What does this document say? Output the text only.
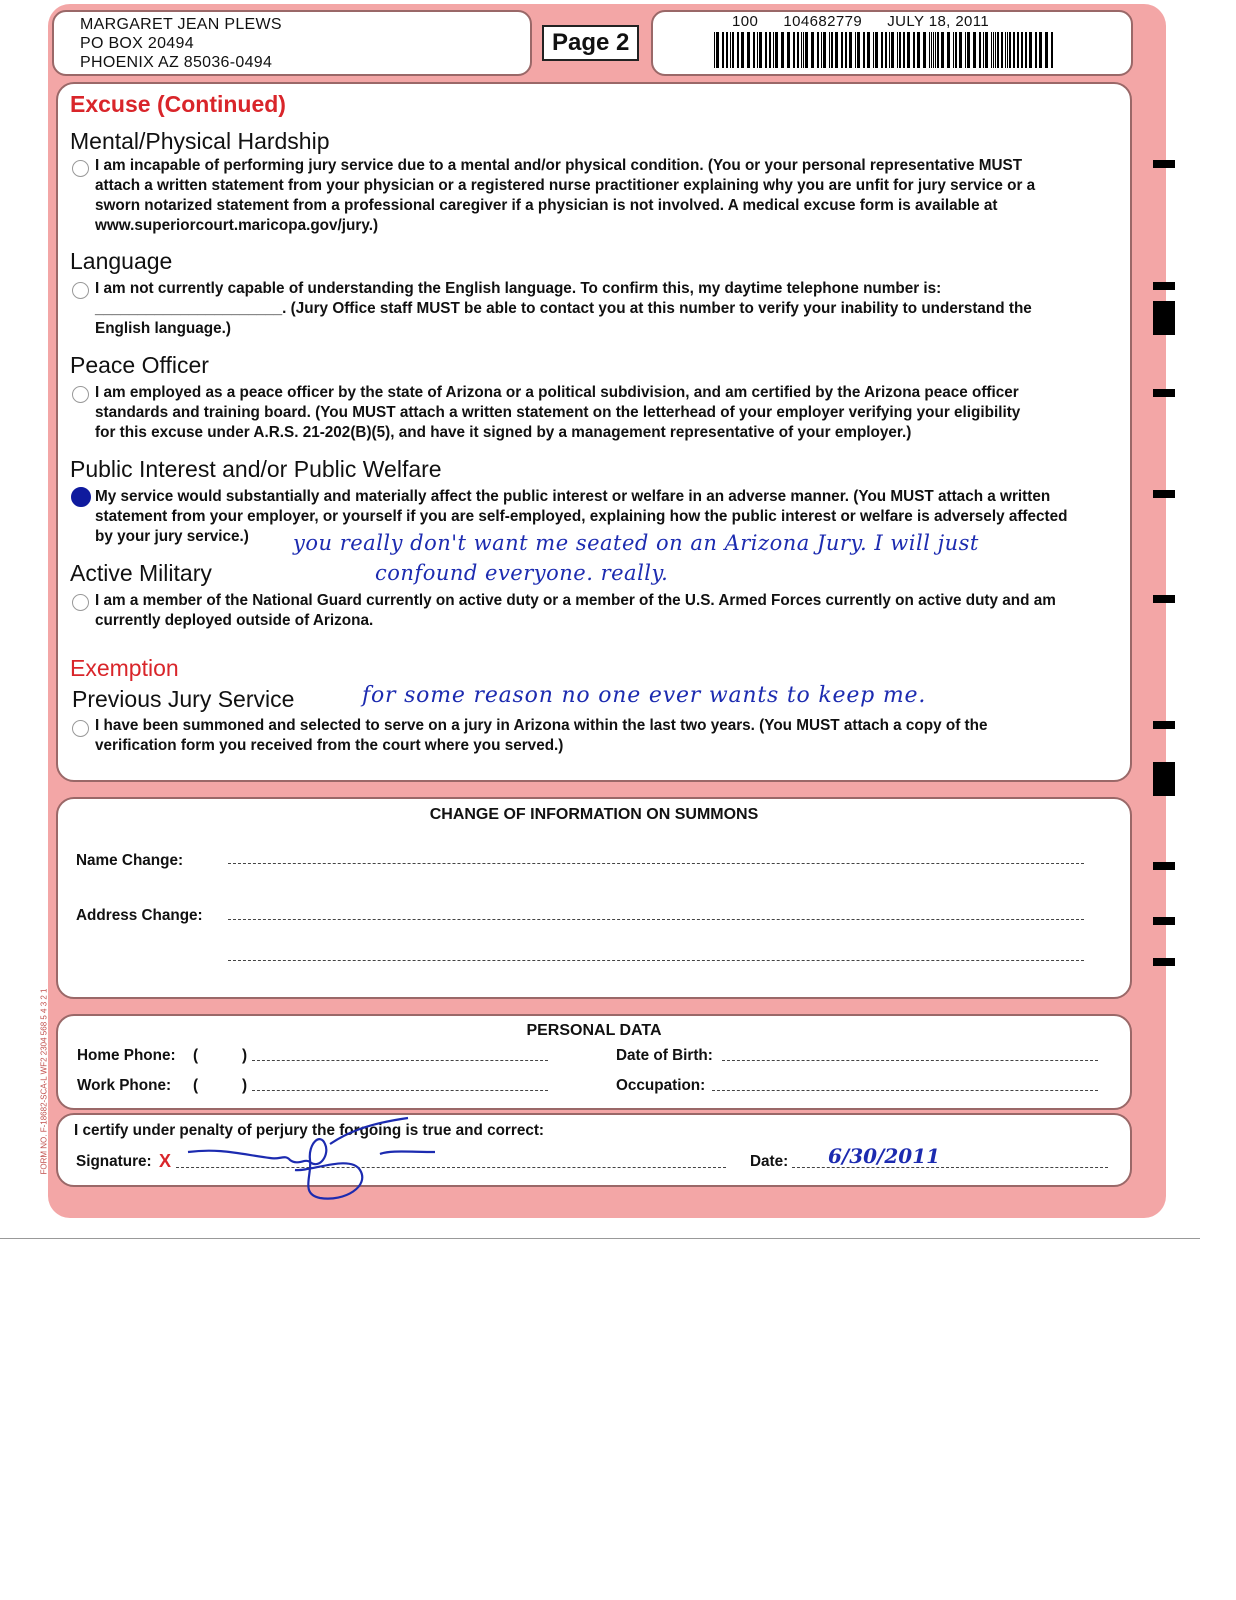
MARGARET JEAN PLEWS
PO BOX 20494
PHOENIX AZ 85036-0494
Page 2
100 104682779 JULY 18, 2011
Excuse (Continued)
Mental/Physical Hardship
I am incapable of performing jury service due to a mental and/or physical condition. (You or your personal representative MUST
attach a written statement from your physician or a registered nurse practitioner explaining why you are unfit for jury service or a
sworn notarized statement from a professional caregiver if a physician is not involved. A medical excuse form is available at
www.superiorcourt.maricopa.gov/jury.)
Language
I am not currently capable of understanding the English language. To confirm this, my daytime telephone number is:
______________________. (Jury Office staff MUST be able to contact you at this number to verify your inability to understand the
English language.)
Peace Officer
I am employed as a peace officer by the state of Arizona or a political subdivision, and am certified by the Arizona peace officer
standards and training board. (You MUST attach a written statement on the letterhead of your employer verifying your eligibility
for this excuse under A.R.S. 21-202(B)(5), and have it signed by a management representative of your employer.)
Public Interest and/or Public Welfare
My service would substantially and materially affect the public interest or welfare in an adverse manner. (You MUST attach a written
statement from your employer, or yourself if you are self-employed, explaining how the public interest or welfare is adversely affected
by your jury service.)	you really don't want me seated on an Arizona Jury. I will just
confound everyone. really.
Active Military
I am a member of the National Guard currently on active duty or a member of the U.S. Armed Forces currently on active duty and am
currently deployed outside of Arizona.
Exemption
Previous Jury Service	for some reason no one ever wants to keep me.
I have been summoned and selected to serve on a jury in Arizona within the last two years. (You MUST attach a copy of the
verification form you received from the court where you served.)
CHANGE OF INFORMATION ON SUMMONS
Name Change:
Address Change:
PERSONAL DATA
Home Phone: (	)
Work Phone: (	)
Date of Birth:
Occupation:
I certify under penalty of perjury the forgoing is true and correct:
Signature: X	Date: 6/30/2011
FORM NO. F-18682-SCA-L WF2 2304 568 5 4 3 2 1
